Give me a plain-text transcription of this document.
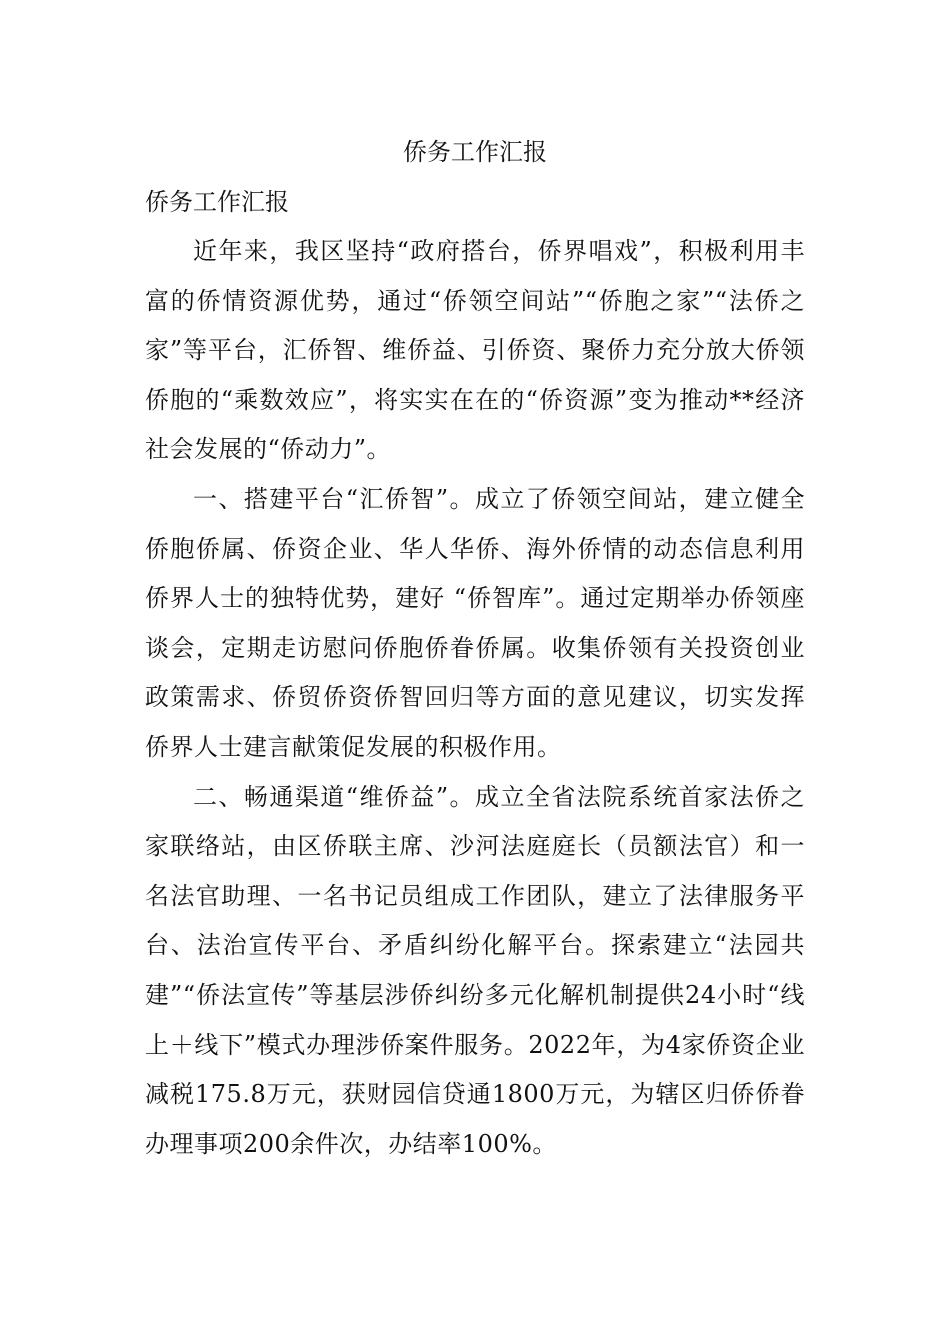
侨务工作汇报

侨务工作汇报

近年来，我区坚持“政府搭台，侨界唱戏”，积极利用丰富的侨情资源优势，通过“侨领空间站”“侨胞之家”“法侨之家”等平台，汇侨智、维侨益、引侨资、聚侨力充分放大侨领侨胞的“乘数效应”，将实实在在的“侨资源”变为推动**经济社会发展的“侨动力”。

一、搭建平台“汇侨智”。成立了侨领空间站，建立健全侨胞侨属、侨资企业、华人华侨、海外侨情的动态信息利用侨界人士的独特优势，建好 “侨智库”。通过定期举办侨领座谈会，定期走访慰问侨胞侨眷侨属。收集侨领有关投资创业政策需求、侨贸侨资侨智回归等方面的意见建议，切实发挥侨界人士建言献策促发展的积极作用。

二、畅通渠道“维侨益”。成立全省法院系统首家法侨之家联络站，由区侨联主席、沙河法庭庭长（员额法官）和一名法官助理、一名书记员组成工作团队，建立了法律服务平台、法治宣传平台、矛盾纠纷化解平台。探索建立“法园共建”“侨法宣传”等基层涉侨纠纷多元化解机制提供24小时“线上＋线下”模式办理涉侨案件服务。2022年，为4家侨资企业减税175.8万元，获财园信贷通1800万元，为辖区归侨侨眷办理事项200余件次，办结率100%。
